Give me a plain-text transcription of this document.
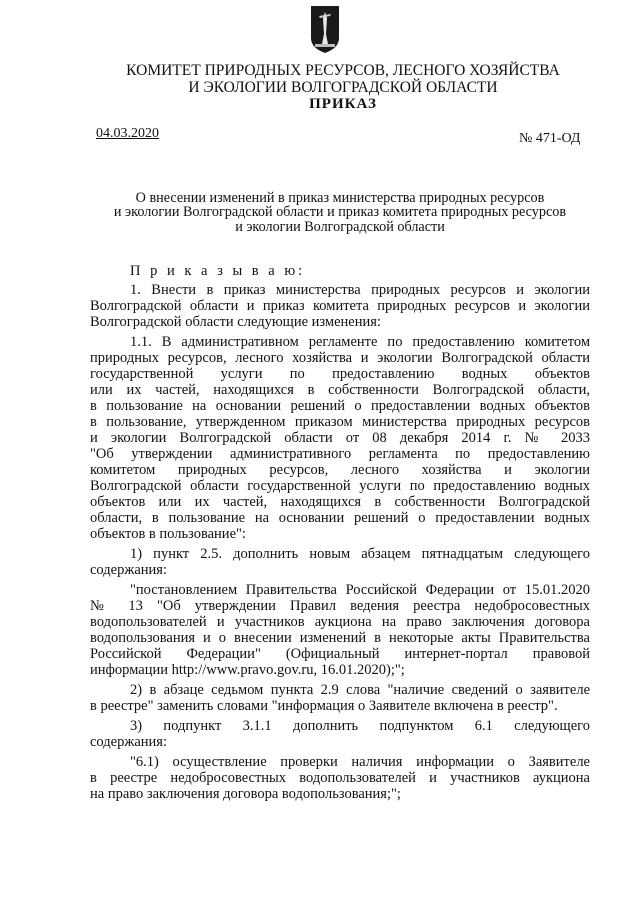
КОМИТЕТ ПРИРОДНЫХ РЕСУРСОВ, ЛЕСНОГО ХОЗЯЙСТВА
И ЭКОЛОГИИ ВОЛГОГРАДСКОЙ ОБЛАСТИ
ПРИКАЗ
04.03.2020	№ 471-ОД
О внесении изменений в приказ министерства природных ресурсов
и экологии Волгоградской области и приказ комитета природных ресурсов
и экологии Волгоградской области
П р и к а з ы в а ю:
1. Внести в приказ министерства природных ресурсов и экологии
Волгоградской области и приказ комитета природных ресурсов и экологии
Волгоградской области следующие изменения:
1.1. В административном регламенте по предоставлению комитетом
природных ресурсов, лесного хозяйства и экологии Волгоградской области
государственной услуги по предоставлению водных объектов
или их частей, находящихся в собственности Волгоградской области,
в пользование на основании решений о предоставлении водных объектов
в пользование, утвержденном приказом министерства природных ресурсов
и экологии Волгоградской области от 08 декабря 2014 г. № 2033
"Об утверждении административного регламента по предоставлению
комитетом природных ресурсов, лесного хозяйства и экологии
Волгоградской области государственной услуги по предоставлению водных
объектов или их частей, находящихся в собственности Волгоградской
области, в пользование на основании решений о предоставлении водных
объектов в пользование":
1) пункт 2.5. дополнить новым абзацем пятнадцатым следующего
содержания:
"постановлением Правительства Российской Федерации от 15.01.2020
№ 13 "Об утверждении Правил ведения реестра недобросовестных
водопользователей и участников аукциона на право заключения договора
водопользования и о внесении изменений в некоторые акты Правительства
Российской Федерации" (Официальный интернет-портал правовой
информации http://www.pravo.gov.ru, 16.01.2020);";
2) в абзаце седьмом пункта 2.9 слова "наличие сведений о заявителе
в реестре" заменить словами "информация о Заявителе включена в реестр".
3) подпункт 3.1.1 дополнить подпунктом 6.1 следующего
содержания:
"6.1) осуществление проверки наличия информации о Заявителе
в реестре недобросовестных водопользователей и участников аукциона
на право заключения договора водопользования;";
